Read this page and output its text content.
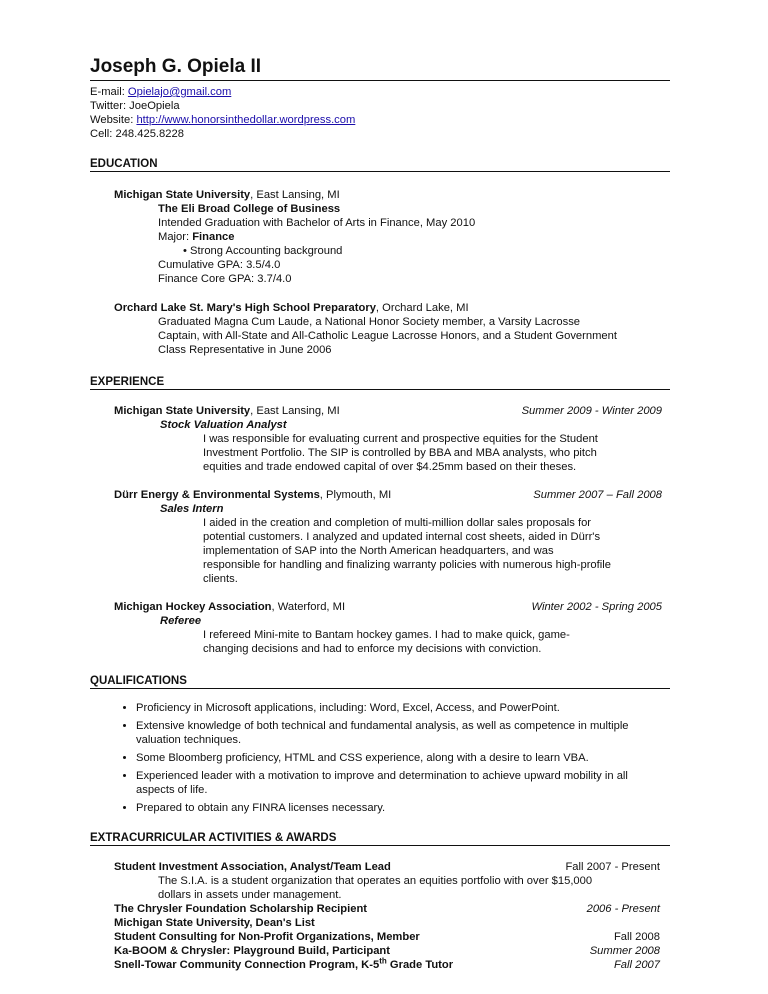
Joseph G. Opiela II
E-mail: Opielajo@gmail.com
Twitter: JoeOpiela
Website: http://www.honorsinthedollar.wordpress.com
Cell: 248.425.8228
EDUCATION
Michigan State University, East Lansing, MI
The Eli Broad College of Business
Intended Graduation with Bachelor of Arts in Finance, May 2010
Major: Finance
• Strong Accounting background
Cumulative GPA: 3.5/4.0
Finance Core GPA: 3.7/4.0
Orchard Lake St. Mary's High School Preparatory, Orchard Lake, MI
Graduated Magna Cum Laude, a National Honor Society member, a Varsity Lacrosse
Captain, with All-State and All-Catholic League Lacrosse Honors, and a Student Government
Class Representative in June 2006
EXPERIENCE
Michigan State University, East Lansing, MI	Summer 2009 - Winter 2009
Stock Valuation Analyst
I was responsible for evaluating current and prospective equities for the Student
Investment Portfolio. The SIP is controlled by BBA and MBA analysts, who pitch
equities and trade endowed capital of over $4.25mm based on their theses.
Dürr Energy & Environmental Systems, Plymouth, MI	Summer 2007 – Fall 2008
Sales Intern
I aided in the creation and completion of multi-million dollar sales proposals for
potential customers. I analyzed and updated internal cost sheets, aided in Dürr's
implementation of SAP into the North American headquarters, and was
responsible for handling and finalizing warranty policies with numerous high-profile
clients.
Michigan Hockey Association, Waterford, MI	Winter 2002 - Spring 2005
Referee
I refereed Mini-mite to Bantam hockey games. I had to make quick, game-
changing decisions and had to enforce my decisions with conviction.
QUALIFICATIONS
• Proficiency in Microsoft applications, including: Word, Excel, Access, and PowerPoint.
• Extensive knowledge of both technical and fundamental analysis, as well as competence in multiple valuation techniques.
• Some Bloomberg proficiency, HTML and CSS experience, along with a desire to learn VBA.
• Experienced leader with a motivation to improve and determination to achieve upward mobility in all aspects of life.
• Prepared to obtain any FINRA licenses necessary.
EXTRACURRICULAR ACTIVITIES & AWARDS
Student Investment Association, Analyst/Team Lead	Fall 2007 - Present
The S.I.A. is a student organization that operates an equities portfolio with over $15,000
dollars in assets under management.
The Chrysler Foundation Scholarship Recipient	2006 - Present
Michigan State University, Dean's List
Student Consulting for Non-Profit Organizations, Member	Fall 2008
Ka-BOOM & Chrysler: Playground Build, Participant	Summer 2008
Snell-Towar Community Connection Program, K-5th Grade Tutor	Fall 2007
